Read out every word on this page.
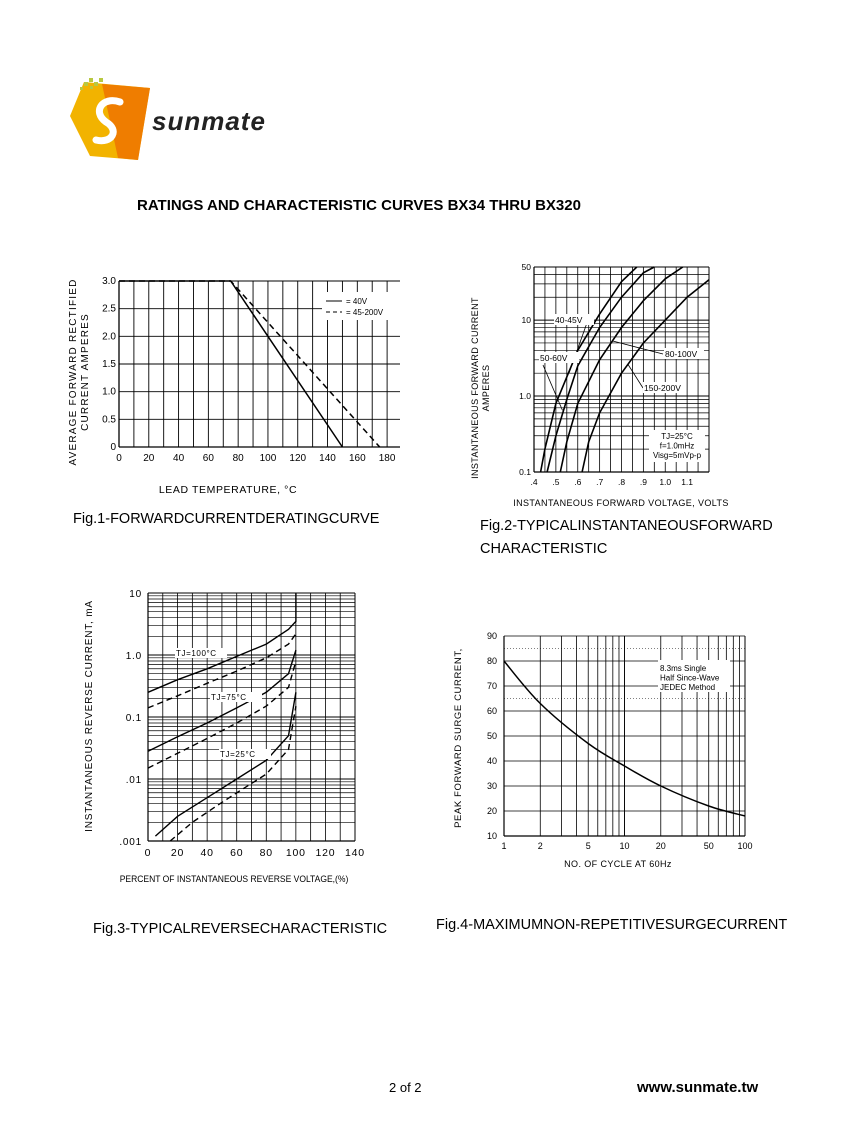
sunmate
RATINGS AND CHARACTERISTIC CURVES BX34 THRU BX320
0 20 40 60 80 100 120 140 160 180
0
0.5
1.0
1.5
2.0
2.5
3.0
= 40V
= 45-200V
LEAD TEMPERATURE, °C
AVERAGE FORWARD RECTIFIED CURRENT AMPERES
Fig.1-FORWARDCURRENTDERATINGCURVE
.4 .5 .6 .7 .8 .9 1.0 1.1
0.1
1.0
10
50
40-45V
50-60V	80-100V
150-200V
TJ=25°C
f=1.0mHz
Visg=5mVp-p
INSTANTANEOUS FORWARD VOLTAGE, VOLTS
INSTANTANEOUS FORWARD CURRENT AMPERES
Fig.2-TYPICALINSTANTANEOUSFORWARD
CHARACTERISTIC
0 20 40 60 80 100 120 140
.001
.01
0.1
1.0
10
TJ=100°C
TJ=75°C
TJ=25°C
PERCENT OF INSTANTANEOUS REVERSE VOLTAGE,(%)
INSTANTANEOUS REVERSE CURRENT, mA
Fig.3-TYPICALREVERSECHARACTERISTIC
1	2	5	10	20	50	100
10
20
30
40
50
60
70
80
90
8.3ms Single
Half Since-Wave
JEDEC Method
NO. OF CYCLE AT 60Hz
PEAK FORWARD SURGE CURRENT,
Fig.4-MAXIMUMNON-REPETITIVESURGECURRENT
2 of 2	www.sunmate.tw
